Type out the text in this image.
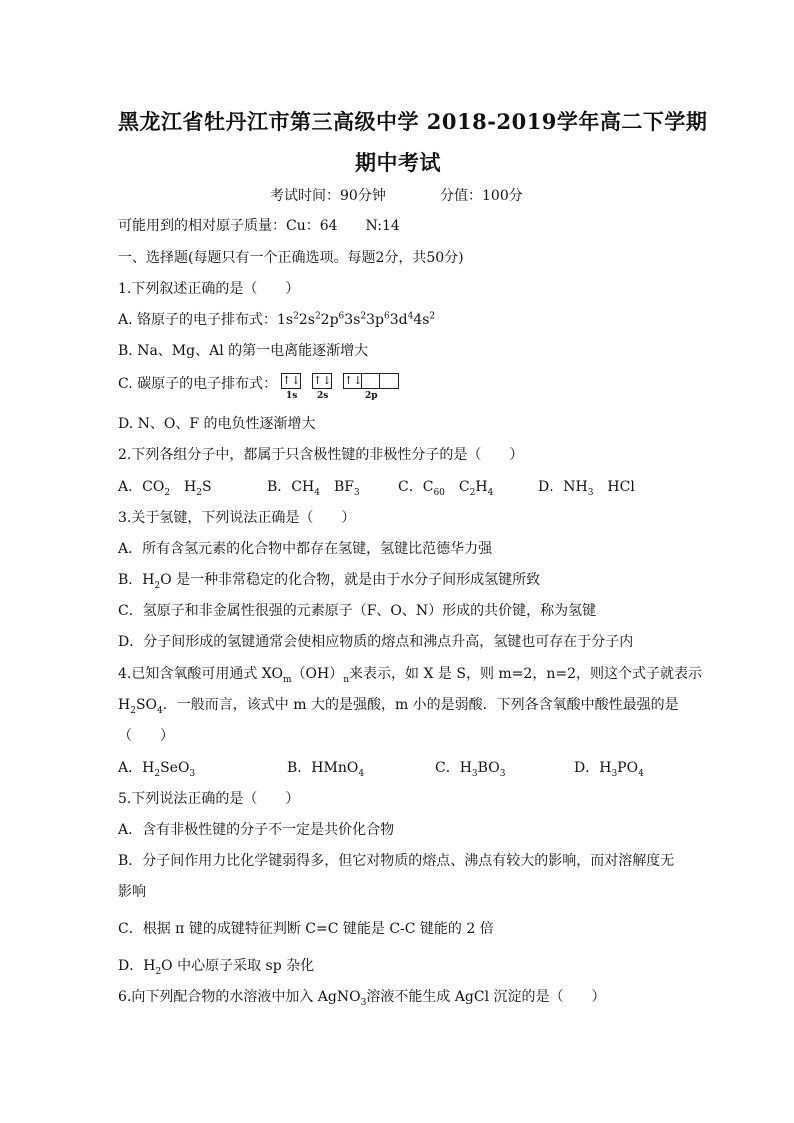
黑龙江省牡丹江市第三高级中学 2018-2019学年高二下学期
期中考试
考试时间：90分钟	分值：100分
可能用到的相对原子质量：Cu：64　　N:14
一、选择题(每题只有一个正确选项。每题2分，共50分)
1.下列叙述正确的是（　　）
A. 铬原子的电子排布式：$1s^22s^22p^63s^23p^63d^44s^2$
B. Na、Mg、Al 的第一电离能逐渐增大
C. 碳原子的电子排布式： ↑↓ ↑↓ ↑↓
1s 2s	2p
D. N、O、F 的电负性逐渐增大
2.下列各组分子中，都属于只含极性键的非极性分子的是（　　）
A．$CO_2$　$H_2S$	B．$CH_4$　$BF_3$	C．$C_{60}$　$C_2H_4$	D．$NH_3$　HCl
3.关于氢键，下列说法正确是（　　）
A．所有含氢元素的化合物中都存在氢键，氢键比范德华力强
B．$H_2O$ 是一种非常稳定的化合物，就是由于水分子间形成氢键所致
C．氢原子和非金属性很强的元素原子（F、O、N）形成的共价键，称为氢键
D．分子间形成的氢键通常会使相应物质的熔点和沸点升高，氢键也可存在于分子内
4.已知含氧酸可用通式 $XO_m(OH)_n$来表示，如 X 是 S，则 m=2，n=2，则这个式子就表示
$H_2SO_4$．一般而言，该式中 m 大的是强酸，m 小的是弱酸．下列各含氧酸中酸性最强的是
（　　）
A．$H_2SeO_3$	B．HMnO$_4$	C．$H_3BO_3$	D．$H_3PO_4$
5.下列说法正确的是（　　）
A．含有非极性键的分子不一定是共价化合物
B．分子间作用力比化学键弱得多，但它对物质的熔点、沸点有较大的影响，而对溶解度无
影响
C．根据 π 键的成键特征判断 C=C 键能是 C-C 键能的 2 倍
D．$H_2O$ 中心原子采取 sp 杂化
6.向下列配合物的水溶液中加入 AgNO$_3$溶液不能生成 AgCl 沉淀的是（　　）
